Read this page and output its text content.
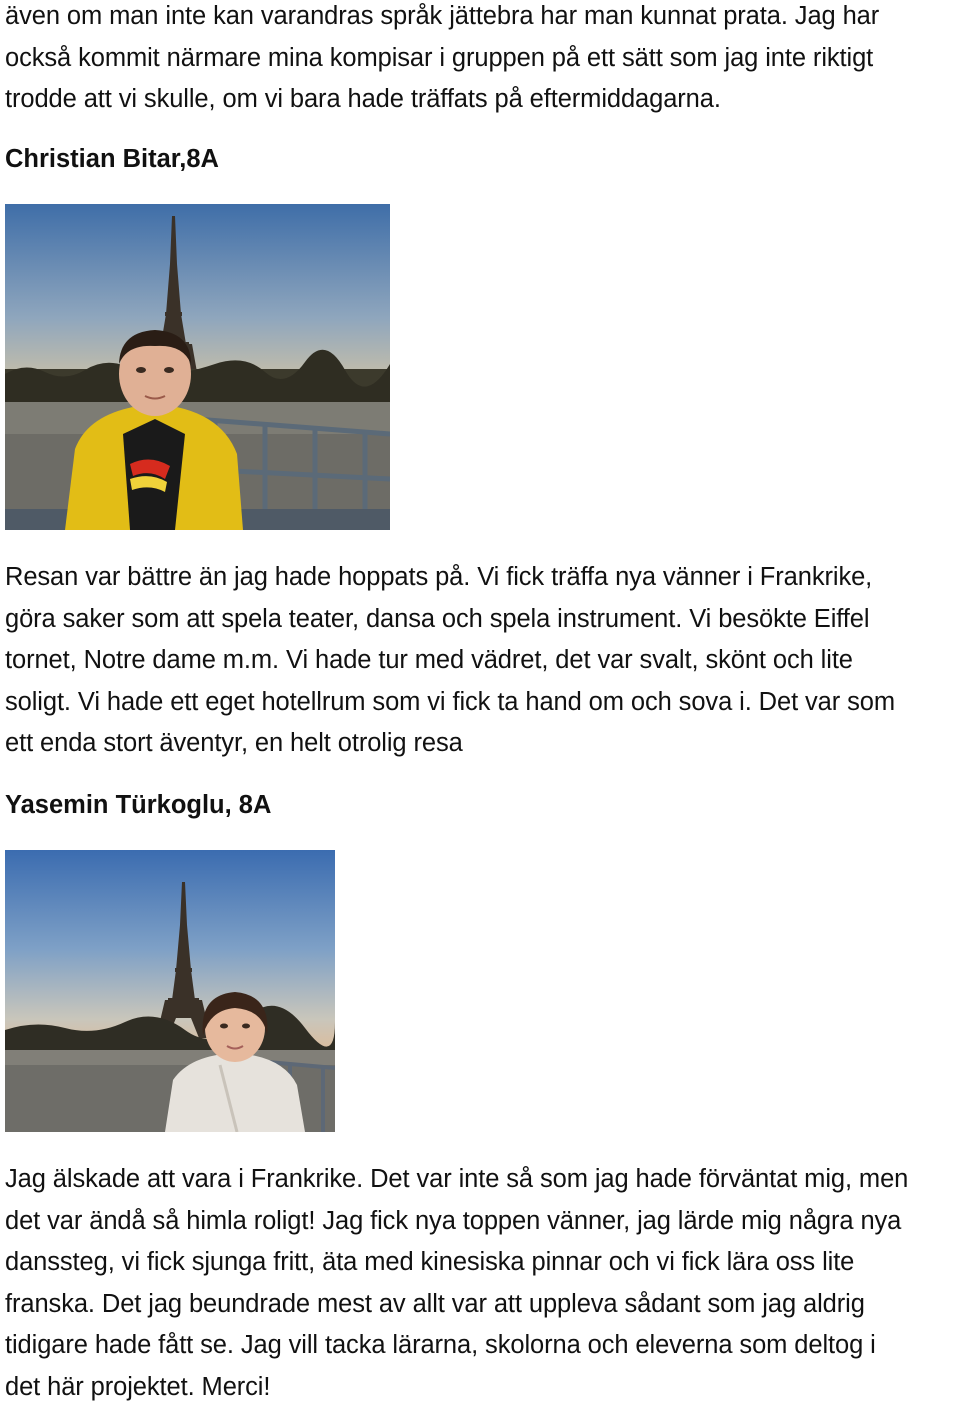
även om man inte kan varandras språk jättebra har man kunnat prata. Jag har
också kommit närmare mina kompisar i gruppen på ett sätt som jag inte riktigt
trodde att vi skulle, om vi bara hade träffats på eftermiddagarna.
Christian Bitar,8A
Resan var bättre än jag hade hoppats på. Vi fick träffa nya vänner i Frankrike,
göra saker som att spela teater, dansa och spela instrument. Vi besökte Eiffel
tornet, Notre dame m.m. Vi hade tur med vädret, det var svalt, skönt och lite
soligt. Vi hade ett eget hotellrum som vi fick ta hand om och sova i. Det var som
ett enda stort äventyr, en helt otrolig resa
Yasemin Türkoglu, 8A
Jag älskade att vara i Frankrike. Det var inte så som jag hade förväntat mig, men
det var ändå så himla roligt! Jag fick nya toppen vänner, jag lärde mig några nya
danssteg, vi fick sjunga fritt, äta med kinesiska pinnar och vi fick lära oss lite
franska. Det jag beundrade mest av allt var att uppleva sådant som jag aldrig
tidigare hade fått se. Jag vill tacka lärarna, skolorna och eleverna som deltog i
det här projektet. Merci!
